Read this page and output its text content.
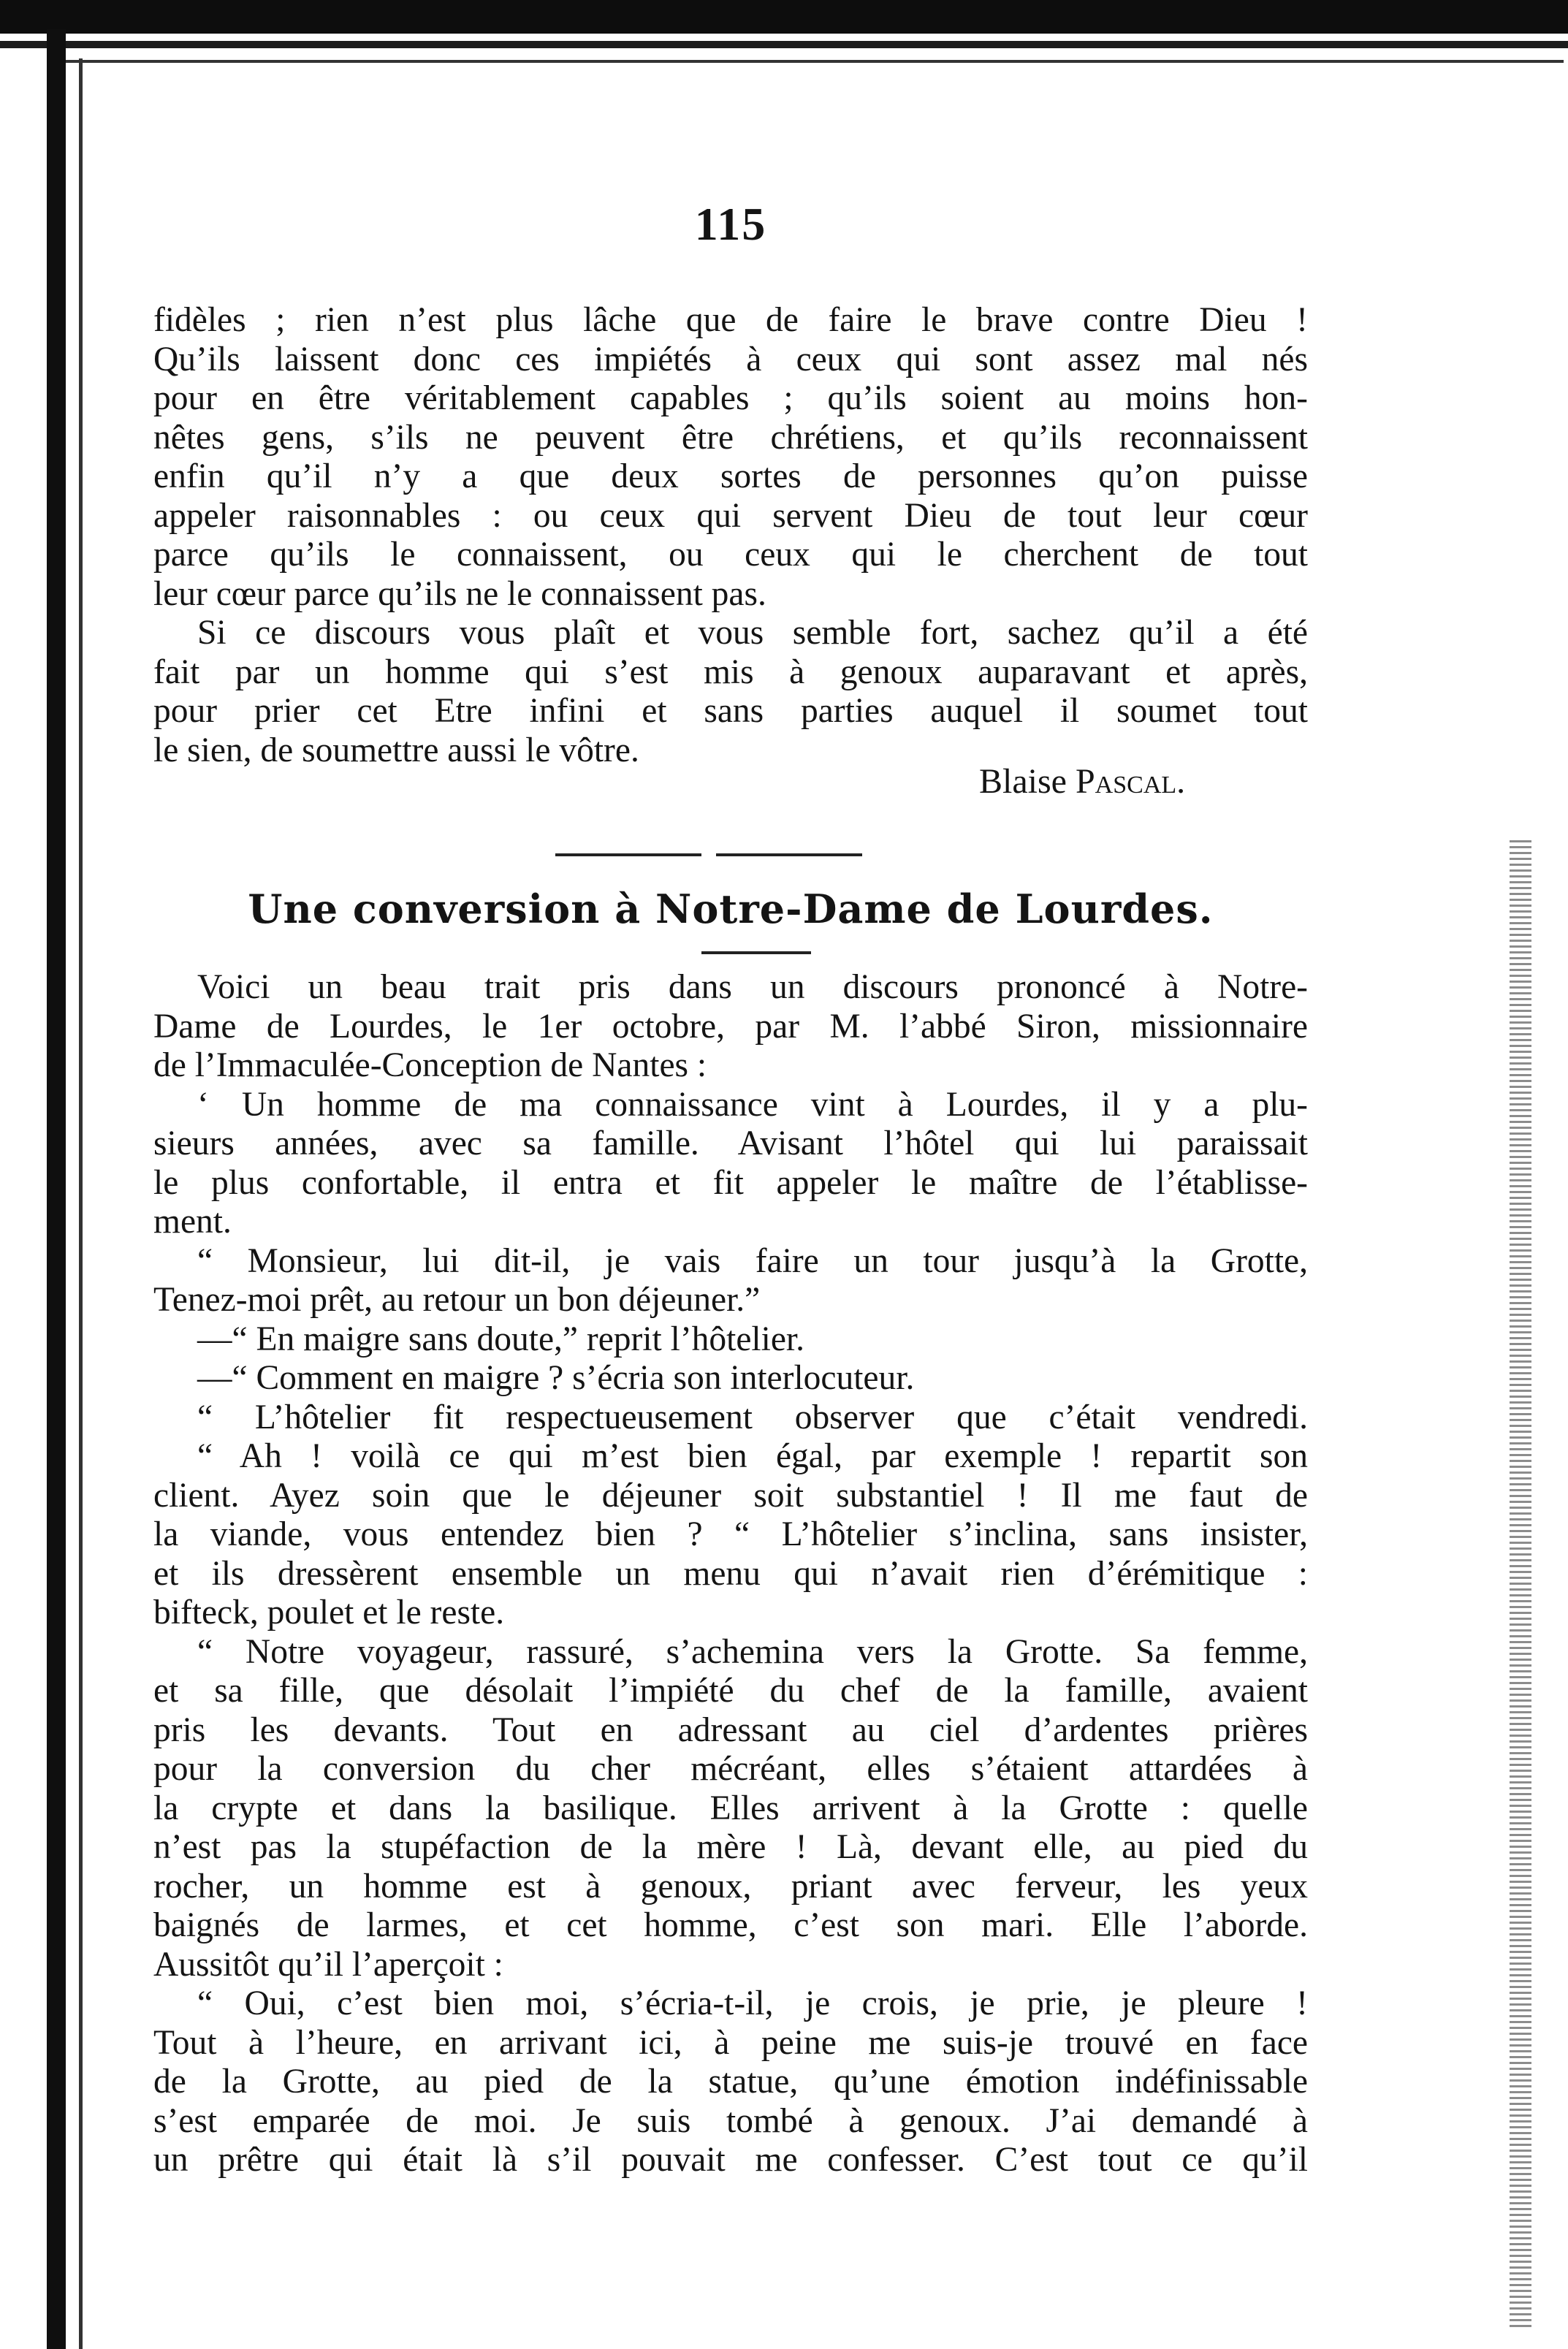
115
fidèles ; rien n’est plus lâche que de faire le brave contre Dieu !
Qu’ils laissent donc ces impiétés à ceux qui sont assez mal nés
pour en être véritablement capables ; qu’ils soient au moins hon-
nêtes gens, s’ils ne peuvent être chrétiens, et qu’ils reconnaissent
enfin qu’il n’y a que deux sortes de personnes qu’on puisse
appeler raisonnables : ou ceux qui servent Dieu de tout leur cœur
parce qu’ils le connaissent, ou ceux qui le cherchent de tout
leur cœur parce qu’ils ne le connaissent pas.
Si ce discours vous plaît et vous semble fort, sachez qu’il a été
fait par un homme qui s’est mis à genoux auparavant et après,
pour prier cet Etre infini et sans parties auquel il soumet tout
le sien, de soumettre aussi le vôtre.
Blaise Pascal.
Une conversion à Notre-Dame de Lourdes.
Voici un beau trait pris dans un discours prononcé à Notre-
Dame de Lourdes, le 1er octobre, par M. l’abbé Siron, missionnaire
de l’Immaculée-Conception de Nantes :
‘ Un homme de ma connaissance vint à Lourdes, il y a plu-
sieurs années, avec sa famille. Avisant l’hôtel qui lui paraissait
le plus confortable, il entra et fit appeler le maître de l’établisse-
ment.
“ Monsieur, lui dit-il, je vais faire un tour jusqu’à la Grotte,
Tenez-moi prêt, au retour un bon déjeuner.”
—“ En maigre sans doute,” reprit l’hôtelier.
—“ Comment en maigre ? s’écria son interlocuteur.
“ L’hôtelier fit respectueusement observer que c’était vendredi.
“ Ah ! voilà ce qui m’est bien égal, par exemple ! repartit son
client. Ayez soin que le déjeuner soit substantiel ! Il me faut de
la viande, vous entendez bien ? “ L’hôtelier s’inclina, sans insister,
et ils dressèrent ensemble un menu qui n’avait rien d’érémitique :
bifteck, poulet et le reste.
“ Notre voyageur, rassuré, s’achemina vers la Grotte. Sa femme,
et sa fille, que désolait l’impiété du chef de la famille, avaient
pris les devants. Tout en adressant au ciel d’ardentes prières
pour la conversion du cher mécréant, elles s’étaient attardées à
la crypte et dans la basilique. Elles arrivent à la Grotte : quelle
n’est pas la stupéfaction de la mère ! Là, devant elle, au pied du
rocher, un homme est à genoux, priant avec ferveur, les yeux
baignés de larmes, et cet homme, c’est son mari. Elle l’aborde.
Aussitôt qu’il l’aperçoit :
“ Oui, c’est bien moi, s’écria-t-il, je crois, je prie, je pleure !
Tout à l’heure, en arrivant ici, à peine me suis-je trouvé en face
de la Grotte, au pied de la statue, qu’une émotion indéfinissable
s’est emparée de moi. Je suis tombé à genoux. J’ai demandé à
un prêtre qui était là s’il pouvait me confesser. C’est tout ce qu’il
